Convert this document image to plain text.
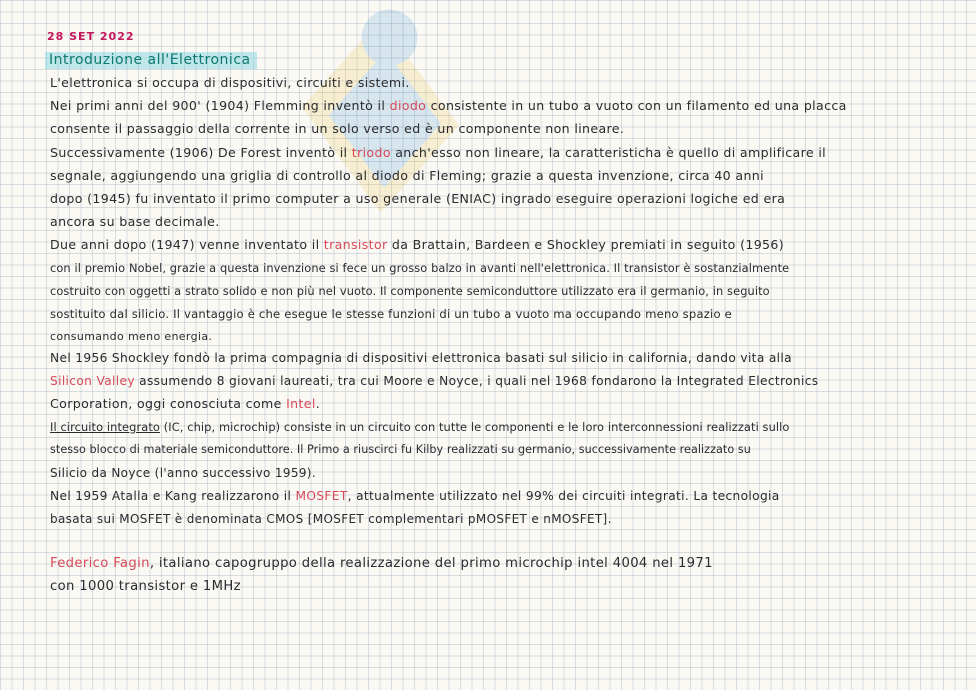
28 SET 2022
Introduzione all'Elettronica
L'elettronica si occupa di dispositivi, circuiti e sistemi.
Nei primi anni del 900' (1904) Flemming inventò il diodo consistente in un tubo a vuoto con un filamento ed una placca
consente il passaggio della corrente in un solo verso ed è un componente non lineare.
Successivamente (1906) De Forest inventò il triodo anch'esso non lineare, la caratteristicha è quello di amplificare il
segnale, aggiungendo una griglia di controllo al diodo di Fleming; grazie a questa invenzione, circa 40 anni
dopo (1945) fu inventato il primo computer a uso generale (ENIAC) ingrado eseguire operazioni logiche ed era
ancora su base decimale.
Due anni dopo (1947) venne inventato il transistor da Brattain, Bardeen e Shockley premiati in seguito (1956)
con il premio Nobel, grazie a questa invenzione si fece un grosso balzo in avanti nell'elettronica. Il transistor è sostanzialmente
costruito con oggetti a strato solido e non più nel vuoto. Il componente semiconduttore utilizzato era il germanio, in seguito
sostituito dal silicio. Il vantaggio è che esegue le stesse funzioni di un tubo a vuoto ma occupando meno spazio e
consumando meno energia.
Nel 1956 Shockley fondò la prima compagnia di dispositivi elettronica basati sul silicio in california, dando vita alla
Silicon Valley assumendo 8 giovani laureati, tra cui Moore e Noyce, i quali nel 1968 fondarono la Integrated Electronics
Corporation, oggi conosciuta come Intel.
Il circuito integrato (IC, chip, microchip) consiste in un circuito con tutte le componenti e le loro interconnessioni realizzati sullo
stesso blocco di materiale semiconduttore. Il Primo a riuscirci fu Kilby realizzati su germanio, successivamente realizzato su
Silicio da Noyce (l'anno successivo 1959).
Nel 1959 Atalla e Kang realizzarono il MOSFET, attualmente utilizzato nel 99% dei circuiti integrati. La tecnologia
basata sui MOSFET è denominata CMOS [MOSFET complementari pMOSFET e nMOSFET].
Federico Fagin, italiano capogruppo della realizzazione del primo microchip intel 4004 nel 1971
con 1000 transistor e 1MHz
